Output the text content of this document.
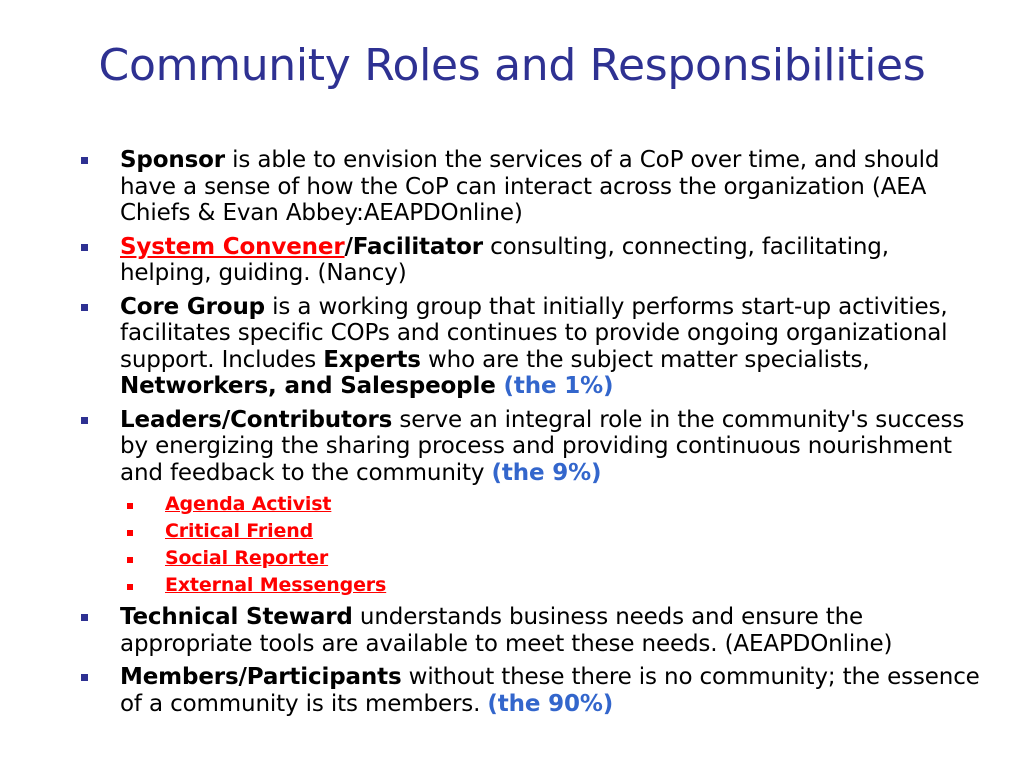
Community Roles and Responsibilities
Sponsor is able to envision the services of a CoP over time, and should have a sense of how the CoP can interact across the organization (AEA Chiefs & Evan Abbey:AEAPDOnline)
System Convener/Facilitator consulting, connecting, facilitating, helping, guiding. (Nancy)
Core Group is a working group that initially performs start-up activities, facilitates specific COPs and continues to provide ongoing organizational support. Includes Experts who are the subject matter specialists, Networkers, and Salespeople (the 1%)
Leaders/Contributors serve an integral role in the community's success by energizing the sharing process and providing continuous nourishment and feedback to the community (the 9%)
Agenda Activist
Critical Friend
Social Reporter
External Messengers
Technical Steward understands business needs and ensure the appropriate tools are available to meet these needs. (AEAPDOnline)
Members/Participants without these there is no community; the essence of a community is its members. (the 90%)
